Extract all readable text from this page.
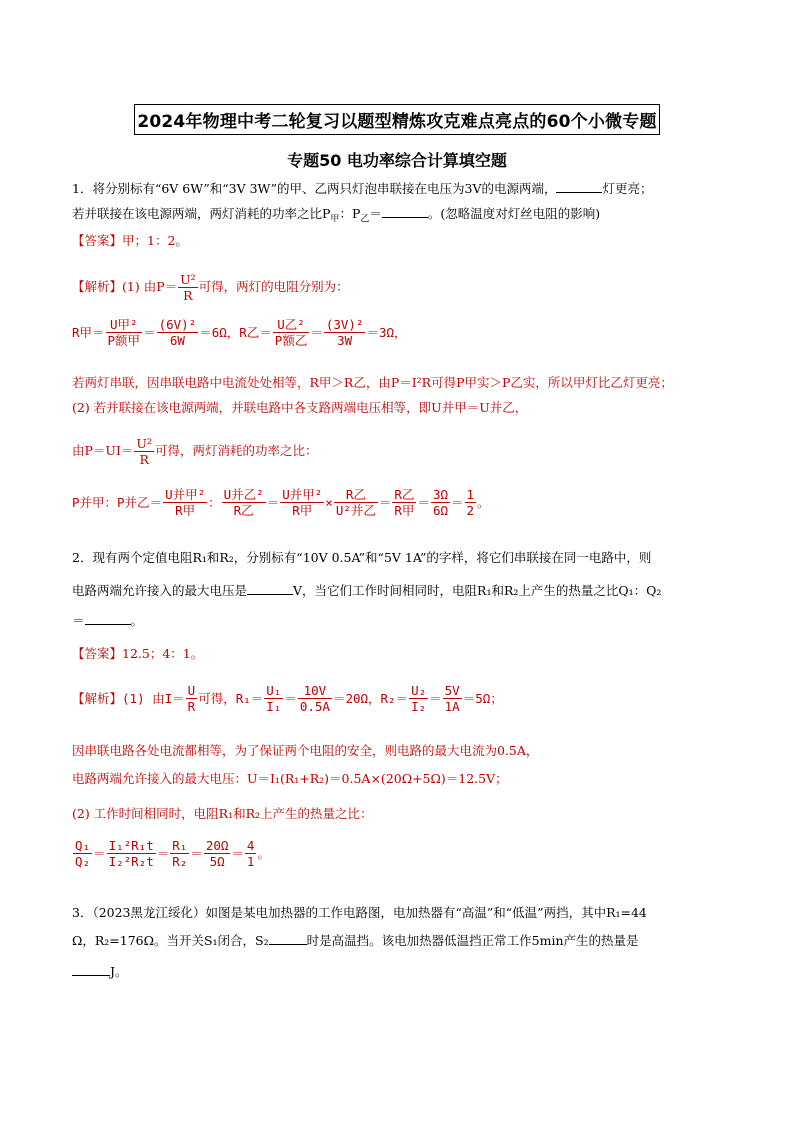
2024年物理中考二轮复习以题型精炼攻克难点亮点的60个小微专题
专题50 电功率综合计算填空题
1．将分别标有“6V 6W”和“3V 3W”的甲、乙两只灯泡串联接在电压为3V的电源两端，	灯更亮；
若并联接在该电源两端，两灯消耗的功率之比$P_甲$：$P_乙=$	。(忽略温度对灯丝电阻的影响)
【答案】甲；1：2。
【解析】(1) 由$P= \frac{\text{U²}}{R}$ 可得，两灯的电阻分别为：
R甲＝ $\frac{\text{U甲²}}{\text{P额甲}} = \frac{\text{(6V)²}}{6W} =6\Omega$，R乙＝ $\frac{\text{U乙²}}{\text{P额乙}} = \frac{\text{(3V)²}}{3W} =3\Omega$，
若两灯串联，因串联电路中电流处处相等，R甲＞R乙，由P＝I²R可得P甲实＞P乙实，所以甲灯比乙灯更亮；
(2) 若并联接在该电源两端，并联电路中各支路两端电压相等，即U并甲＝U并乙，
由$P=UI= \frac{\text{U²}}{R}$ 可得，两灯消耗的功率之比：
P并甲：P并乙＝ $\frac{\text{U并甲²}}{\text{R甲}}$ ： $\frac{\text{U并乙²}}{\text{R乙}} = \frac{\text{U并甲²}}{\text{R甲}} \times \frac{\text{R乙}}{\text{U²并乙}} = \frac{\text{R乙}}{\text{R甲}} = \frac{3\Omega}{6\Omega} = \frac{1}{2}$ 。
2．现有两个定值电阻R₁和R₂，分别标有“10V 0.5A”和“5V 1A”的字样，将它们串联接在同一电路中，则
电路两端允许接入的最大电压是	V，当它们工作时间相同时，电阻R₁和R₂上产生的热量之比Q₁：Q₂
＝	。
【答案】12.5；4：1。
【解析】(1) 由$I= \frac{U}{R}$ 可得，$R_1= \frac{\text{U₁}}{\text{I₁}} = \frac{10V}{0.5A} =20\Omega$，$R_2= \frac{\text{U₂}}{\text{I₂}} = \frac{5V}{1A} =5\Omega$；
因串联电路各处电流都相等，为了保证两个电阻的安全，则电路的最大电流为0.5A，
电路两端允许接入的最大电压：U＝I₁(R₁+R₂)＝0.5A×(20Ω+5Ω)＝12.5V；
(2) 工作时间相同时，电阻R₁和R₂上产生的热量之比：
$\frac{\text{Q₁}}{\text{Q₂}} = \frac{\text{I₁²R₁t}}{\text{I₂²R₂t}} = \frac{\text{R₁}}{\text{R₂}} = \frac{20\Omega}{5\Omega} = \frac{4}{1}$ 。
3．（2023黑龙江绥化）如图是某电加热器的工作电路图，电加热器有“高温”和“低温”两挡，其中R₁=44
Ω，R₂=176Ω。当开关S₁闭合，S₂	时是高温挡。该电加热器低温挡正常工作5min产生的热量是
J。
